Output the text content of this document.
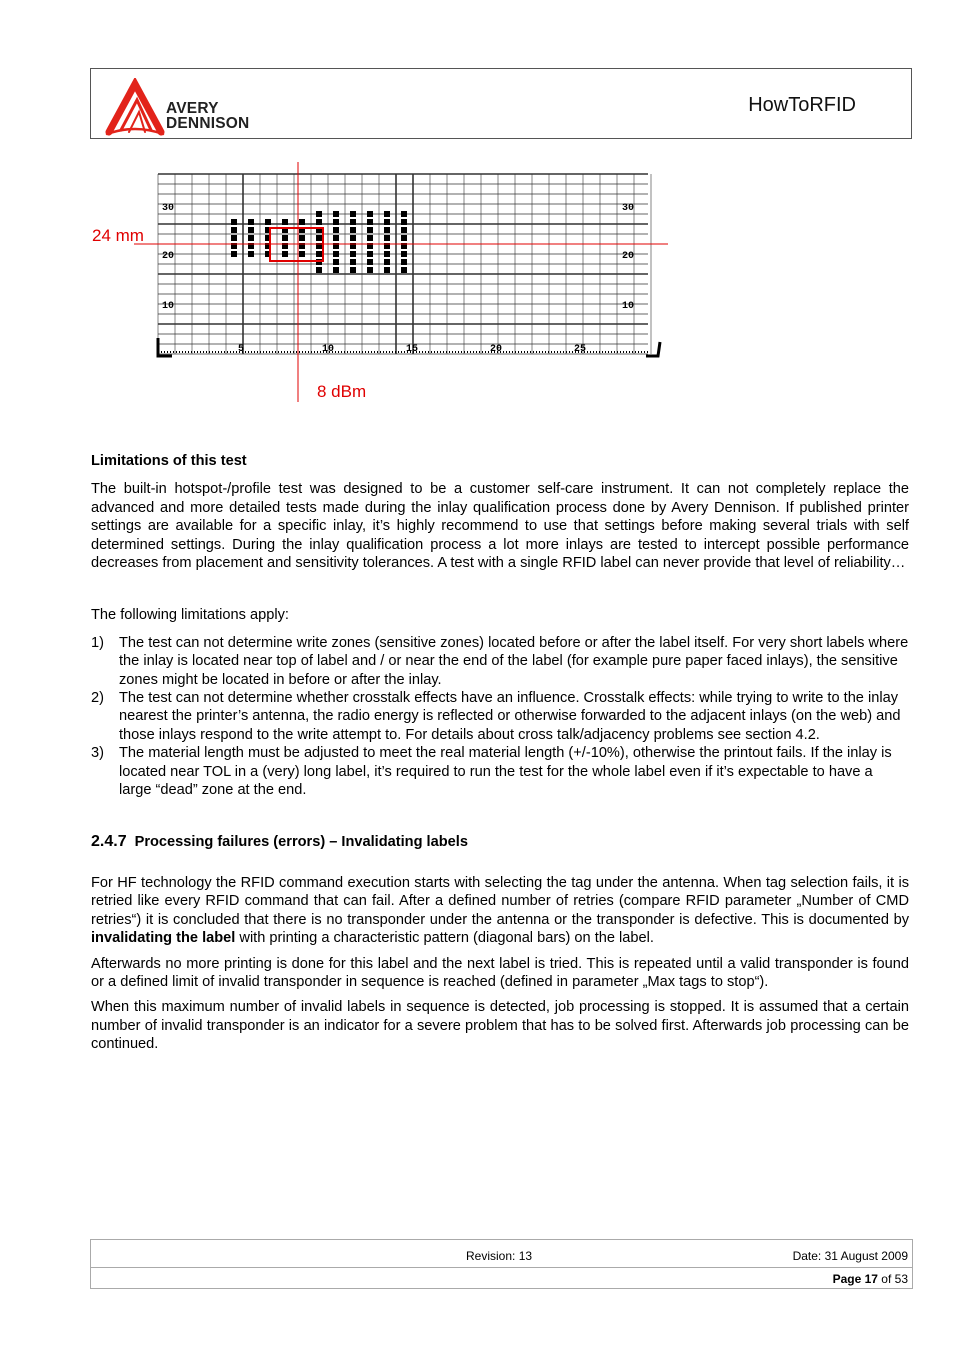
AVERY
DENNISON
HowToRFID
30
20
10
30
20
10
5	10	15	20	25
24 mm
8 dBm

Limitations of this test

The built-in hotspot-/profile test was designed to be a customer self-care instrument. It can not completely replace the advanced and more detailed tests made during the inlay qualification process done by Avery Dennison. If published printer settings are available for a specific inlay, it’s highly recommend to use that settings before making several trials with self determined settings. During the inlay qualification process a lot more inlays are tested to intercept possible performance decreases from placement and sensitivity tolerances. A test with a single RFID label can never provide that level of reliability…

The following limitations apply:

1) The test can not determine write zones (sensitive zones) located before or after the label itself. For very short labels where the inlay is located near top of label and / or near the end of the label (for example pure paper faced inlays), the sensitive zones might be located in before or after the inlay.
2) The test can not determine whether crosstalk effects have an influence. Crosstalk effects: while trying to write to the inlay nearest the printer’s antenna, the radio energy is reflected or otherwise forwarded to the adjacent inlays (on the web) and those inlays respond to the write attempt to. For details about cross talk/adjacency problems see section 4.2.
3) The material length must be adjusted to meet the real material length (+/-10%), otherwise the printout fails. If the inlay is located near TOL in a (very) long label, it’s required to run the test for the whole label even if it’s expectable to have a large “dead” zone at the end.

2.4.7 Processing failures (errors) – Invalidating labels

For HF technology the RFID command execution starts with selecting the tag under the antenna. When tag selection fails, it is retried like every RFID command that can fail. After a defined number of retries (compare RFID parameter „Number of CMD retries“) it is concluded that there is no transponder under the antenna or the transponder is defective. This is documented by invalidating the label with printing a characteristic pattern (diagonal bars) on the label.

Afterwards no more printing is done for this label and the next label is tried. This is repeated until a valid transponder is found or a defined limit of invalid transponder in sequence is reached (defined in parameter „Max tags to stop“).

When this maximum number of invalid labels in sequence is detected, job processing is stopped. It is assumed that a certain number of invalid transponder is an indicator for a severe problem that has to be solved first. Afterwards job processing can be continued.

Revision: 13	Date: 31 August 2009
Page 17 of 53
